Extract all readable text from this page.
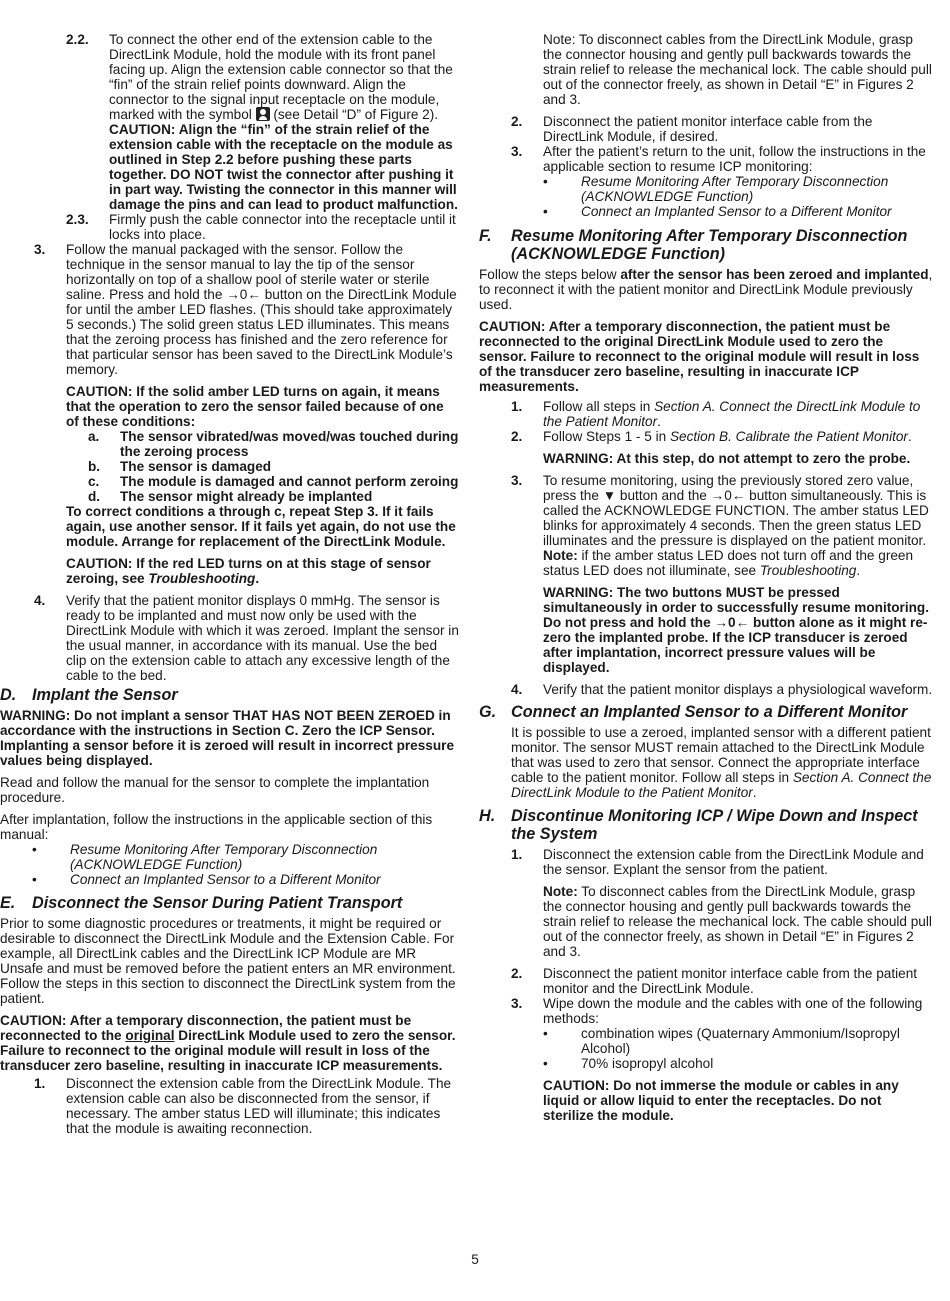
2.2.	To connect the other end of the extension cable to the DirectLink Module, hold the module with its front panel facing up. Align the extension cable connector so that the “fin” of the strain relief points downward. Align the connector to the signal input receptacle on the module, marked with the symbol (see Detail “D” of Figure 2).
CAUTION: Align the “fin” of the strain relief of the extension cable with the receptacle on the module as outlined in Step 2.2 before pushing these parts together. DO NOT twist the connector after pushing it in part way. Twisting the connector in this manner will damage the pins and can lead to product malfunction.
2.3.	Firmly push the cable connector into the receptacle until it locks into place.
3.	Follow the manual packaged with the sensor. Follow the technique in the sensor manual to lay the tip of the sensor horizontally on top of a shallow pool of sterile water or sterile saline. Press and hold the →0← button on the DirectLink Module for until the amber LED flashes. (This should take approximately 5 seconds.) The solid green status LED illuminates. This means that the zeroing process has finished and the zero reference for that particular sensor has been saved to the DirectLink Module’s memory.

CAUTION: If the solid amber LED turns on again, it means that the operation to zero the sensor failed because of one of these conditions:
a.	The sensor vibrated/was moved/was touched during the zeroing process
b.	The sensor is damaged
c.	The module is damaged and cannot perform zeroing
d.	The sensor might already be implanted

To correct conditions a through c, repeat Step 3. If it fails again, use another sensor. If it fails yet again, do not use the module. Arrange for replacement of the DirectLink Module.

CAUTION: If the red LED turns on at this stage of sensor zeroing, see Troubleshooting.

4.	Verify that the patient monitor displays 0 mmHg. The sensor is ready to be implanted and must now only be used with the DirectLink Module with which it was zeroed. Implant the sensor in the usual manner, in accordance with its manual. Use the bed clip on the extension cable to attach any excessive length of the cable to the bed.
D. Implant the Sensor

WARNING: Do not implant a sensor THAT HAS NOT BEEN ZEROED in accordance with the instructions in Section C. Zero the ICP Sensor. Implanting a sensor before it is zeroed will result in incorrect pressure values being displayed.

Read and follow the manual for the sensor to complete the implantation procedure.

After implantation, follow the instructions in the applicable section of this manual:
•	Resume Monitoring After Temporary Disconnection (ACKNOWLEDGE Function)
•	Connect an Implanted Sensor to a Different Monitor
E.	Disconnect the Sensor During Patient Transport

Prior to some diagnostic procedures or treatments, it might be required or desirable to disconnect the DirectLink Module and the Extension Cable. For example, all DirectLink cables and the DirectLink ICP Module are MR Unsafe and must be removed before the patient enters an MR environment. Follow the steps in this section to disconnect the DirectLink system from the patient.

CAUTION: After a temporary disconnection, the patient must be reconnected to the original DirectLink Module used to zero the sensor. Failure to reconnect to the original module will result in loss of the transducer zero baseline, resulting in inaccurate ICP measurements.
1.	Disconnect the extension cable from the DirectLink Module. The extension cable can also be disconnected from the sensor, if necessary. The amber status LED will illuminate; this indicates that the module is awaiting reconnection.

Note: To disconnect cables from the DirectLink Module, grasp the connector housing and gently pull backwards towards the strain relief to release the mechanical lock. The cable should pull out of the connector freely, as shown in Detail “E” in Figures 2 and 3.

2.	Disconnect the patient monitor interface cable from the DirectLink Module, if desired.
3.	After the patient’s return to the unit, follow the instructions in the applicable section to resume ICP monitoring:
•	Resume Monitoring After Temporary Disconnection (ACKNOWLEDGE Function)
•	Connect an Implanted Sensor to a Different Monitor
F.	Resume Monitoring After Temporary Disconnection (ACKNOWLEDGE Function)

Follow the steps below after the sensor has been zeroed and implanted, to reconnect it with the patient monitor and DirectLink Module previously used.

CAUTION: After a temporary disconnection, the patient must be reconnected to the original DirectLink Module used to zero the sensor. Failure to reconnect to the original module will result in loss of the transducer zero baseline, resulting in inaccurate ICP measurements.
1.	Follow all steps in Section A. Connect the DirectLink Module to the Patient Monitor.
2.	Follow Steps 1 - 5 in Section B. Calibrate the Patient Monitor.

WARNING: At this step, do not attempt to zero the probe.

3.	To resume monitoring, using the previously stored zero value, press the ▼ button and the →0← button simultaneously. This is called the ACKNOWLEDGE FUNCTION. The amber status LED blinks for approximately 4 seconds. Then the green status LED illuminates and the pressure is displayed on the patient monitor.

Note: if the amber status LED does not turn off and the green status LED does not illuminate, see Troubleshooting.

WARNING: The two buttons MUST be pressed simultaneously in order to successfully resume monitoring. Do not press and hold the →0← button alone as it might re-zero the implanted probe. If the ICP transducer is zeroed after implantation, incorrect pressure values will be displayed.

4.	Verify that the patient monitor displays a physiological waveform.
G. Connect an Implanted Sensor to a Different Monitor

It is possible to use a zeroed, implanted sensor with a different patient monitor. The sensor MUST remain attached to the DirectLink Module that was used to zero that sensor. Connect the appropriate interface cable to the patient monitor. Follow all steps in Section A. Connect the DirectLink Module to the Patient Monitor.

H. Discontinue Monitoring ICP / Wipe Down and Inspect the System
1.	Disconnect the extension cable from the DirectLink Module and the sensor. Explant the sensor from the patient.

Note: To disconnect cables from the DirectLink Module, grasp the connector housing and gently pull backwards towards the strain relief to release the mechanical lock. The cable should pull out of the connector freely, as shown in Detail “E” in Figures 2 and 3.

2.	Disconnect the patient monitor interface cable from the patient monitor and the DirectLink Module.
3.	Wipe down the module and the cables with one of the following methods:
•	combination wipes (Quaternary Ammonium/Isopropyl Alcohol)
•	70% isopropyl alcohol
CAUTION: Do not immerse the module or cables in any liquid or allow liquid to enter the receptacles. Do not sterilize the module.
5
